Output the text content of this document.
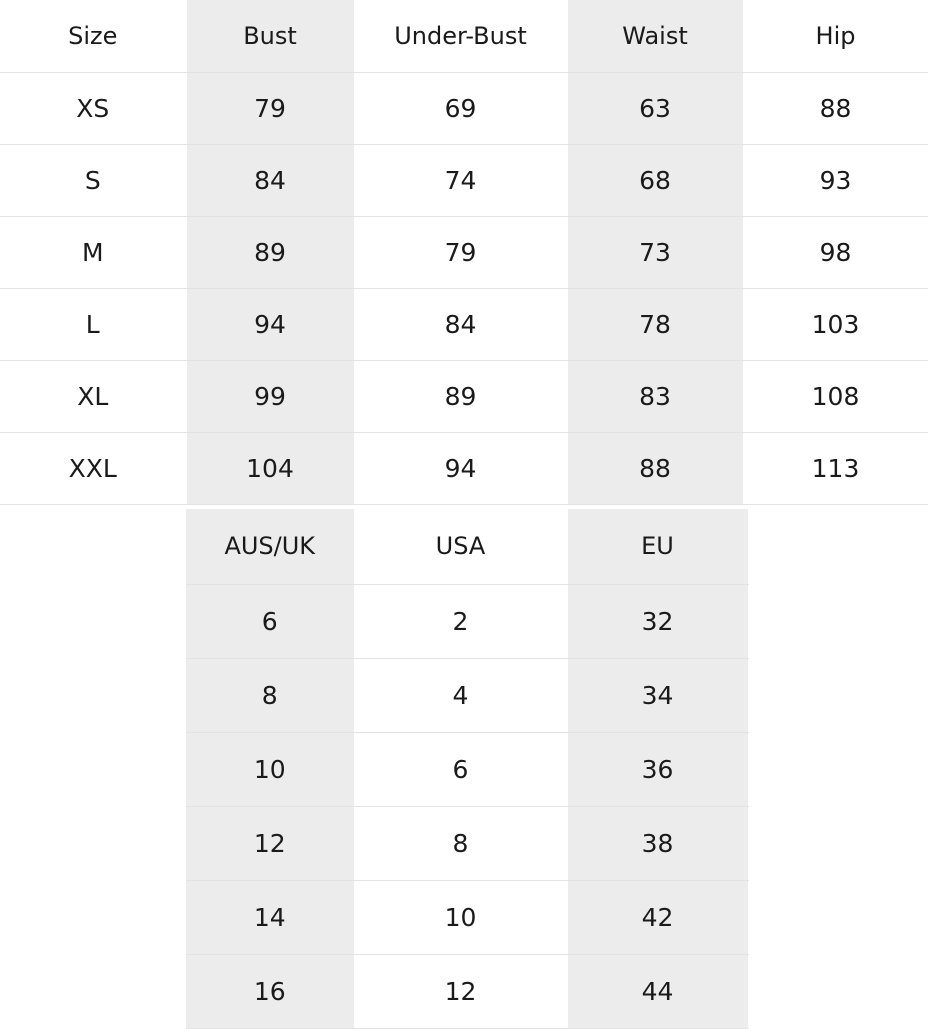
Size	Bust	Under-Bust	Waist	Hip
XS	79	69	63	88
S	84	74	68	93
M	89	79	73	98
L	94	84	78	103
XL	99	89	83	108
XXL	104	94	88	113
AUS/UK	USA	EU
6	2	32
8	4	34
10	6	36
12	8	38
14	10	42
16	12	44
